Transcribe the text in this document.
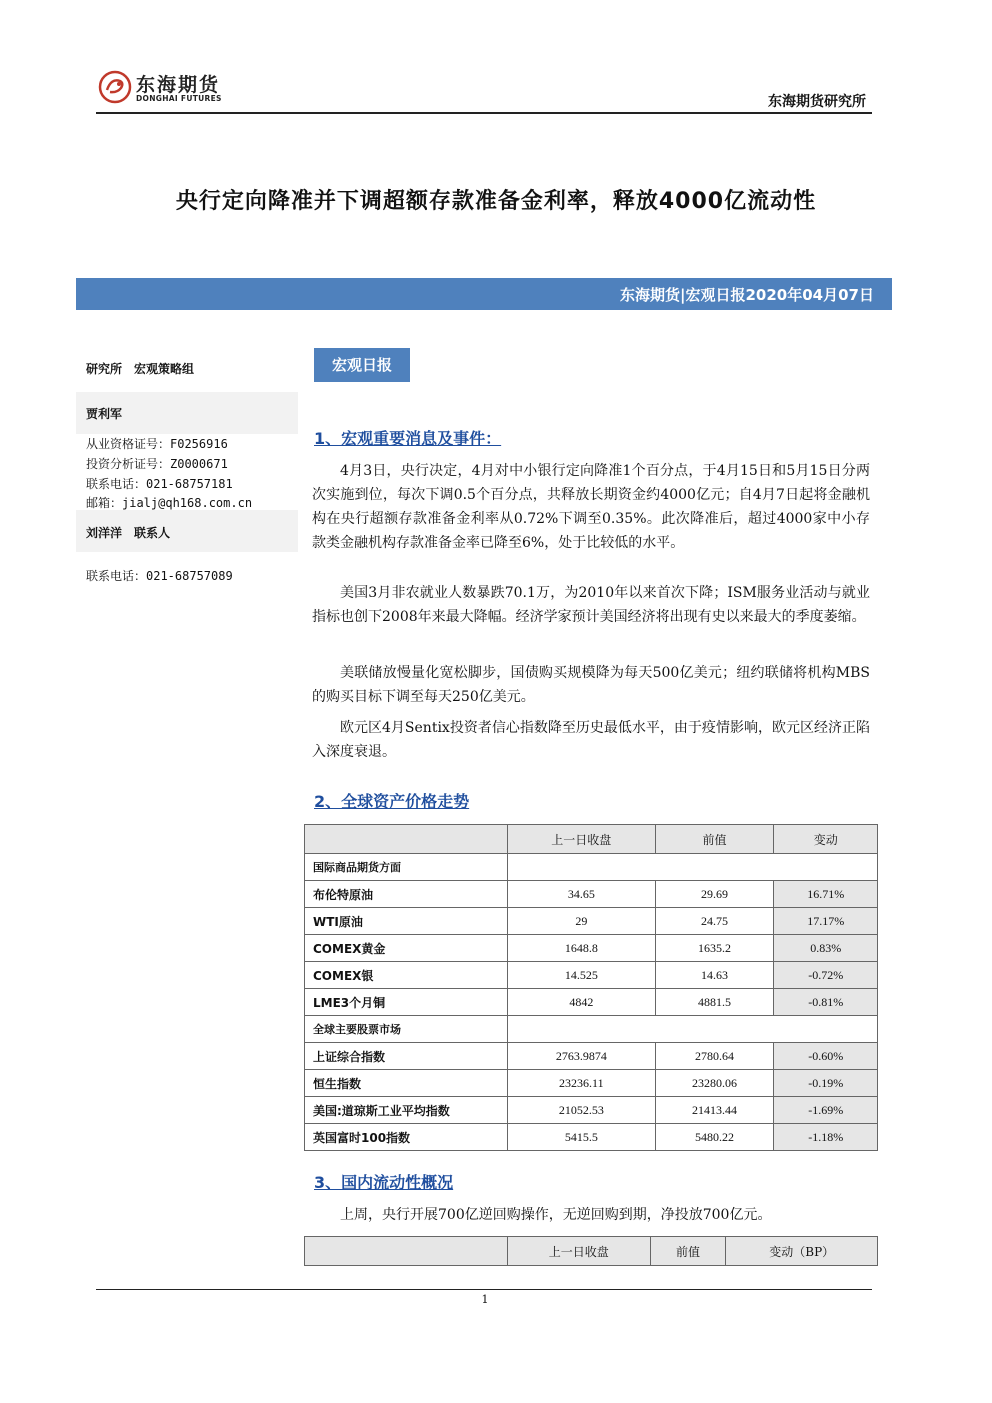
东海期货
DONGHAI FUTURES	东海期货研究所
央行定向降准并下调超额存款准备金利率，释放4000亿流动性
东海期货|宏观日报2020年04月07日
研究所　宏观策略组
贾利军
从业资格证号：F0256916
投资分析证号：Z0000671
联系电话：021-68757181
邮箱：jialj@qh168.com.cn
刘洋洋　联系人
联系电话：021-68757089
宏观日报
1、宏观重要消息及事件：
4月3日，央行决定，4月对中小银行定向降准1个百分点，于4月15日和5月15日分两次实施到位，每次下调0.5个百分点，共释放长期资金约4000亿元；自4月7日起将金融机构在央行超额存款准备金利率从0.72%下调至0.35%。此次降准后，超过4000家中小存款类金融机构存款准备金率已降至6%，处于比较低的水平。
美国3月非农就业人数暴跌70.1万，为2010年以来首次下降；ISM服务业活动与就业指标也创下2008年来最大降幅。经济学家预计美国经济将出现有史以来最大的季度萎缩。
美联储放慢量化宽松脚步，国债购买规模降为每天500亿美元；纽约联储将机构MBS的购买目标下调至每天250亿美元。
欧元区4月Sentix投资者信心指数降至历史最低水平，由于疫情影响，欧元区经济正陷入深度衰退。
2、全球资产价格走势
	上一日收盘	前值	变动
国际商品期货方面			
布伦特原油	34.65	29.69	16.71%
WTI原油	29	24.75	17.17%
COMEX黄金	1648.8	1635.2	0.83%
COMEX银	14.525	14.63	-0.72%
LME3个月铜	4842	4881.5	-0.81%
全球主要股票市场			
上证综合指数	2763.9874	2780.64	-0.60%
恒生指数	23236.11	23280.06	-0.19%
美国:道琼斯工业平均指数	21052.53	21413.44	-1.69%
英国富时100指数	5415.5	5480.22	-1.18%
3、国内流动性概况
上周，央行开展700亿逆回购操作，无逆回购到期，净投放700亿元。
	上一日收盘	前值	变动（BP）
1
